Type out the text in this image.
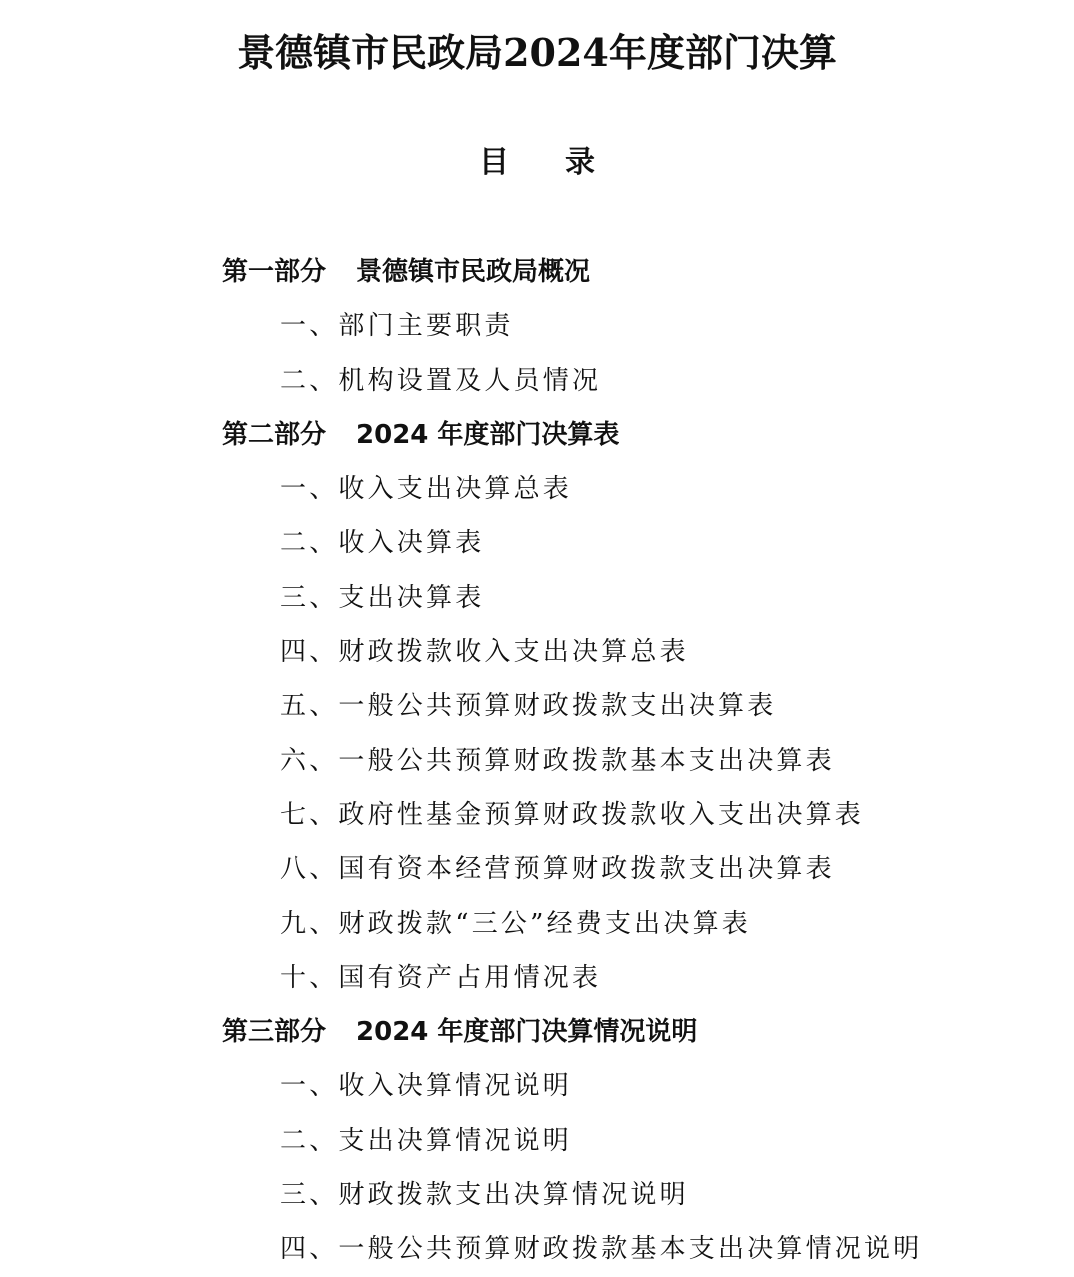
景德镇市民政局2024年度部门决算
目 录
第一部分 景德镇市民政局概况
一、部门主要职责
二、机构设置及人员情况
第二部分 2024 年度部门决算表
一、收入支出决算总表
二、收入决算表
三、支出决算表
四、财政拨款收入支出决算总表
五、一般公共预算财政拨款支出决算表
六、一般公共预算财政拨款基本支出决算表
七、政府性基金预算财政拨款收入支出决算表
八、国有资本经营预算财政拨款支出决算表
九、财政拨款“三公”经费支出决算表
十、国有资产占用情况表
第三部分 2024 年度部门决算情况说明
一、收入决算情况说明
二、支出决算情况说明
三、财政拨款支出决算情况说明
四、一般公共预算财政拨款基本支出决算情况说明
